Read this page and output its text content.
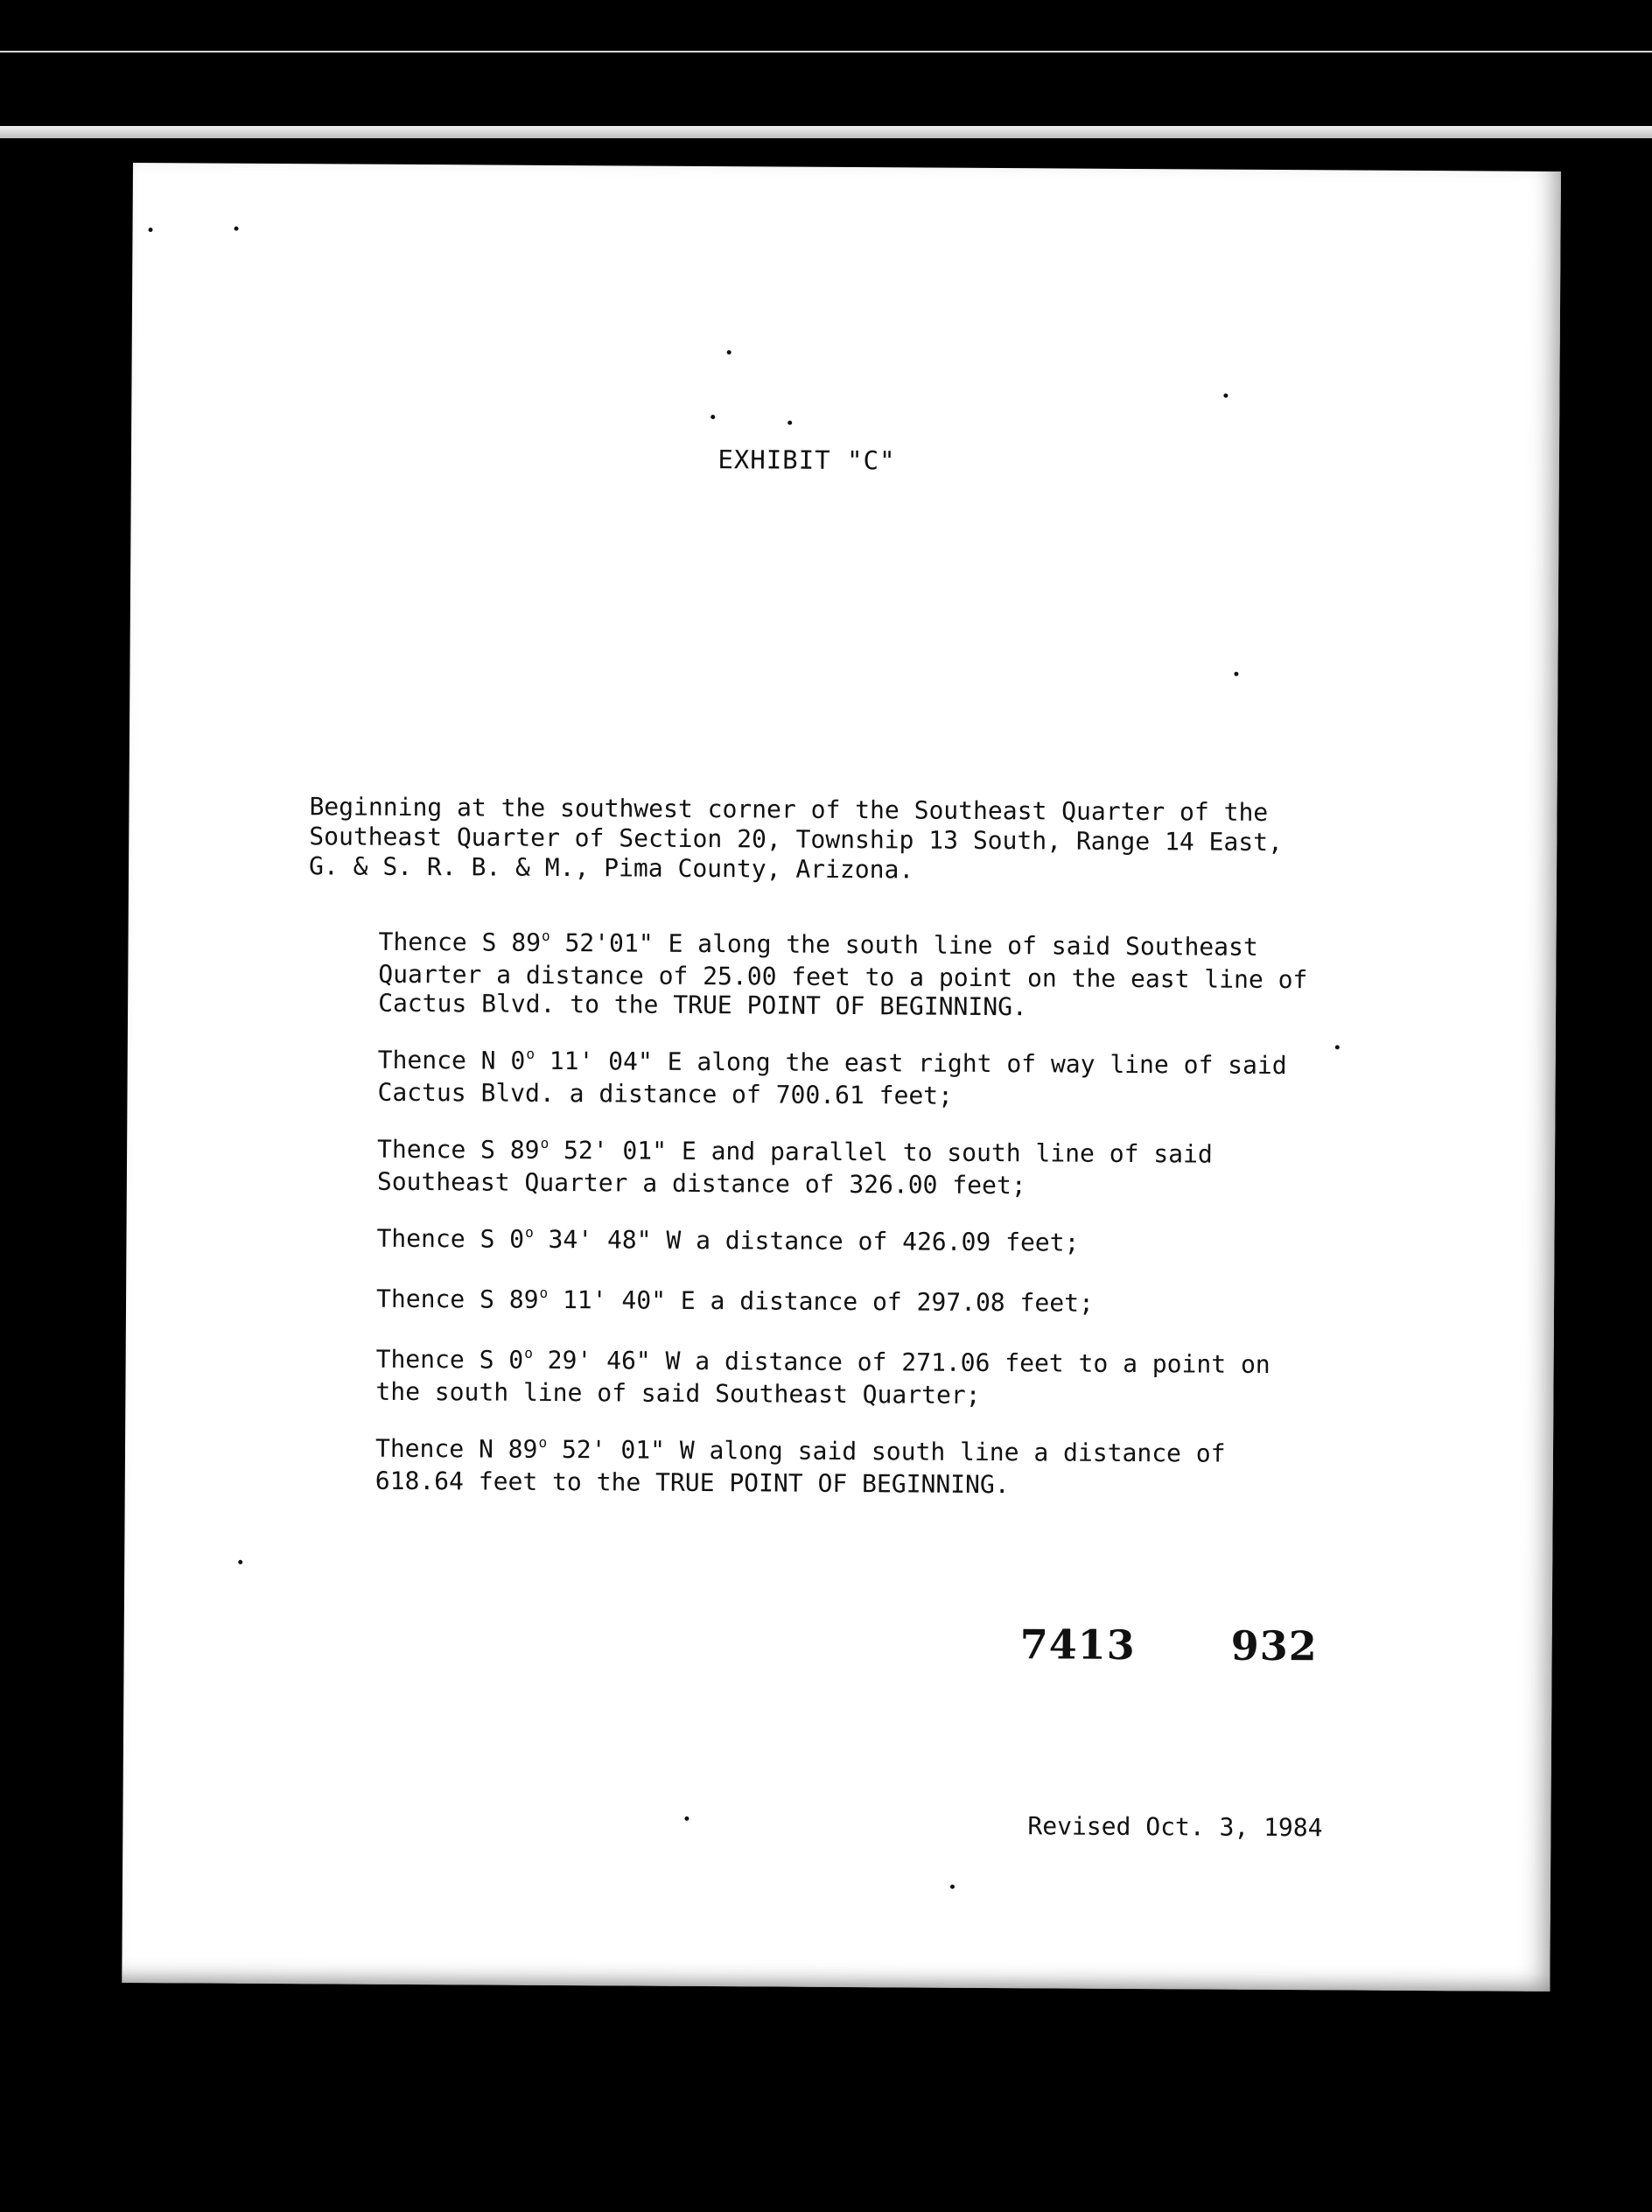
EXHIBIT "C"
Beginning at the southwest corner of the Southeast Quarter of the
Southeast Quarter of Section 20, Township 13 South, Range 14 East,
G. & S. R. B. & M., Pima County, Arizona.
Thence S 89$^o$ 52'01" E along the south line of said Southeast
Quarter a distance of 25.00 feet to a point on the east line of
Cactus Blvd. to the TRUE POINT OF BEGINNING.
Thence N 0$^o$ 11' 04" E along the east right of way line of said
Cactus Blvd. a distance of 700.61 feet;
Thence S 89$^o$ 52' 01" E and parallel to south line of said
Southeast Quarter a distance of 326.00 feet;
Thence S 0$^o$ 34' 48" W a distance of 426.09 feet;
Thence S 89$^o$ 11' 40" E a distance of 297.08 feet;
Thence S 0$^o$ 29' 46" W a distance of 271.06 feet to a point on
the south line of said Southeast Quarter;
Thence N 89$^o$ 52' 01" W along said south line a distance of
618.64 feet to the TRUE POINT OF BEGINNING.
7413 932
Revised Oct. 3, 1984
